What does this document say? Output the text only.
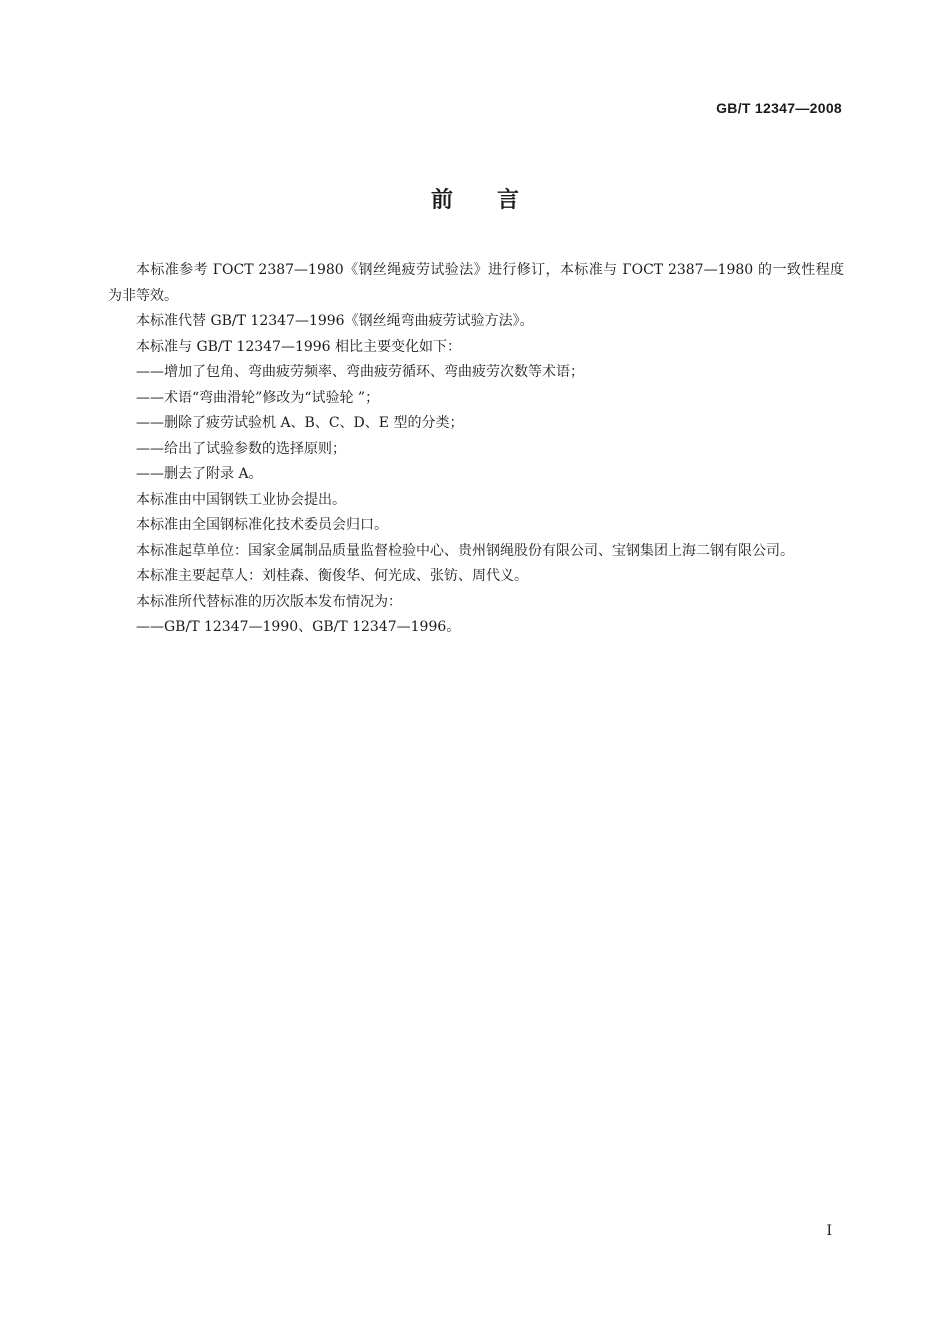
GB/T 12347—2008
前言

本标准参考 ГОСТ 2387—1980《钢丝绳疲劳试验法》进行修订，本标准与 ГОСТ 2387—1980 的一致性程度为非等效。

本标准代替 GB/T 12347—1996《钢丝绳弯曲疲劳试验方法》。

本标准与 GB/T 12347—1996 相比主要变化如下：

——增加了包角、弯曲疲劳频率、弯曲疲劳循环、弯曲疲劳次数等术语；

——术语“弯曲滑轮”修改为“试验轮 ”；

——删除了疲劳试验机 A、B、C、D、E 型的分类；

——给出了试验参数的选择原则；

——删去了附录 A。

本标准由中国钢铁工业协会提出。

本标准由全国钢标准化技术委员会归口。

本标准起草单位：国家金属制品质量监督检验中心、贵州钢绳股份有限公司、宝钢集团上海二钢有限公司。

本标准主要起草人：刘桂森、衡俊华、何光成、张钫、周代义。

本标准所代替标准的历次版本发布情况为：

——GB/T 12347—1990、GB/T 12347—1996。

I
